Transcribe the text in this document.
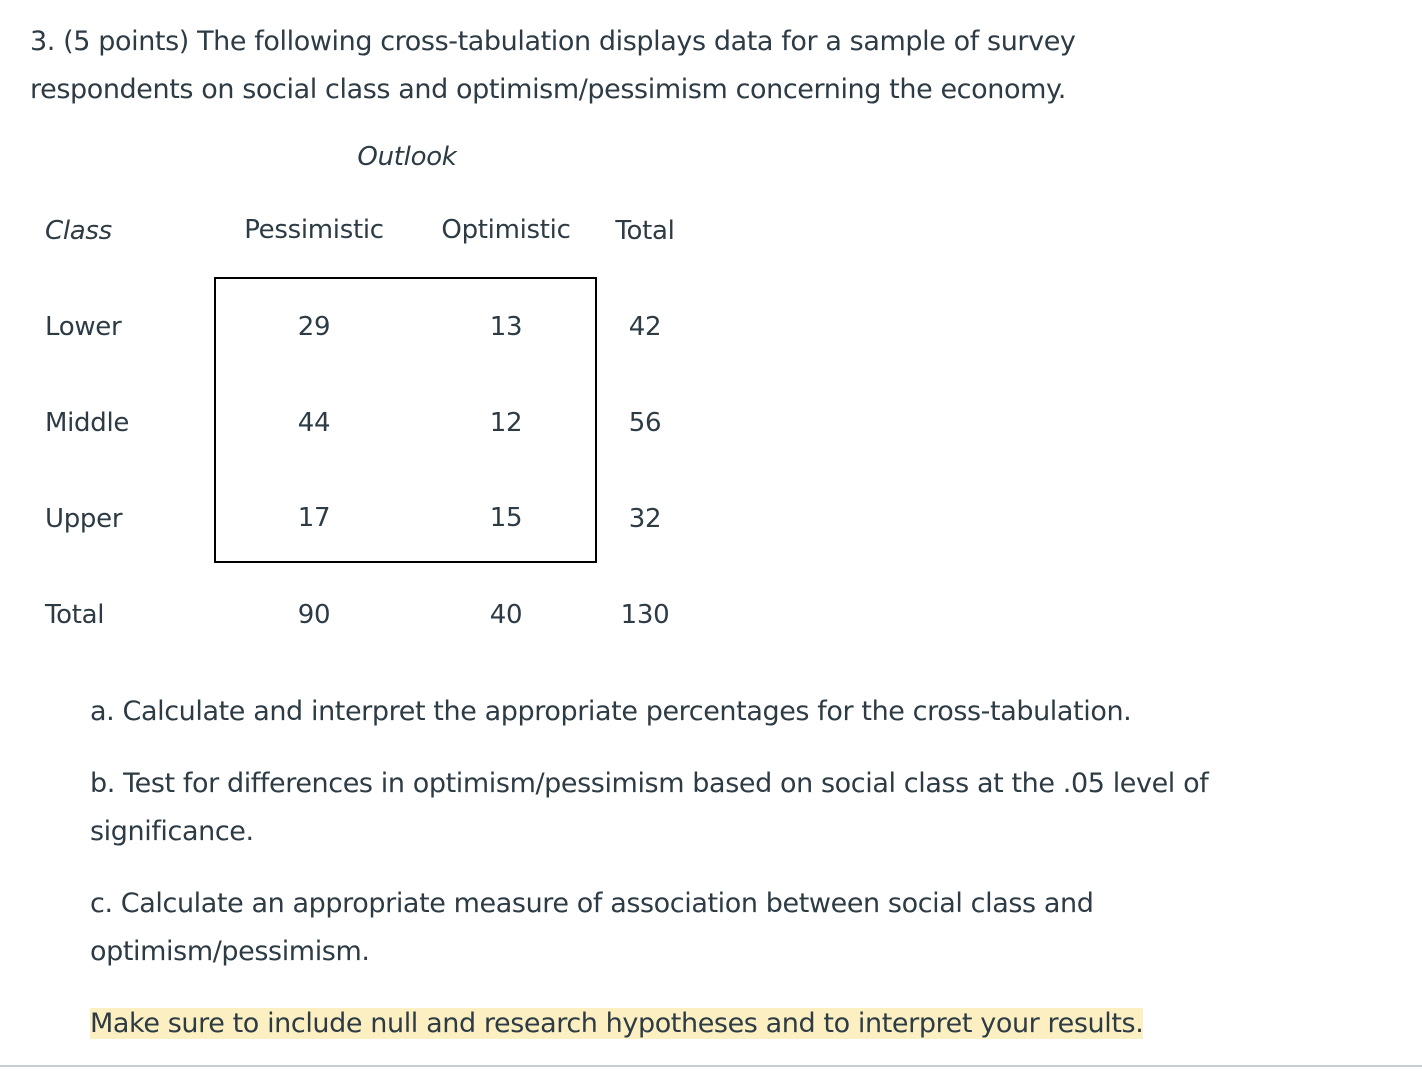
3. (5 points) The following cross-tabulation displays data for a sample of survey respondents on social class and optimism/pessimism concerning the economy.
Outlook
Class	Pessimistic Optimistic Total
Lower	29	13	42
Middle	44	12	56
Upper	17	15	32
Total	90	40	130
a. Calculate and interpret the appropriate percentages for the cross-tabulation.
b. Test for differences in optimism/pessimism based on social class at the .05 level of significance.
c. Calculate an appropriate measure of association between social class and optimism/pessimism.
Make sure to include null and research hypotheses and to interpret your results.
